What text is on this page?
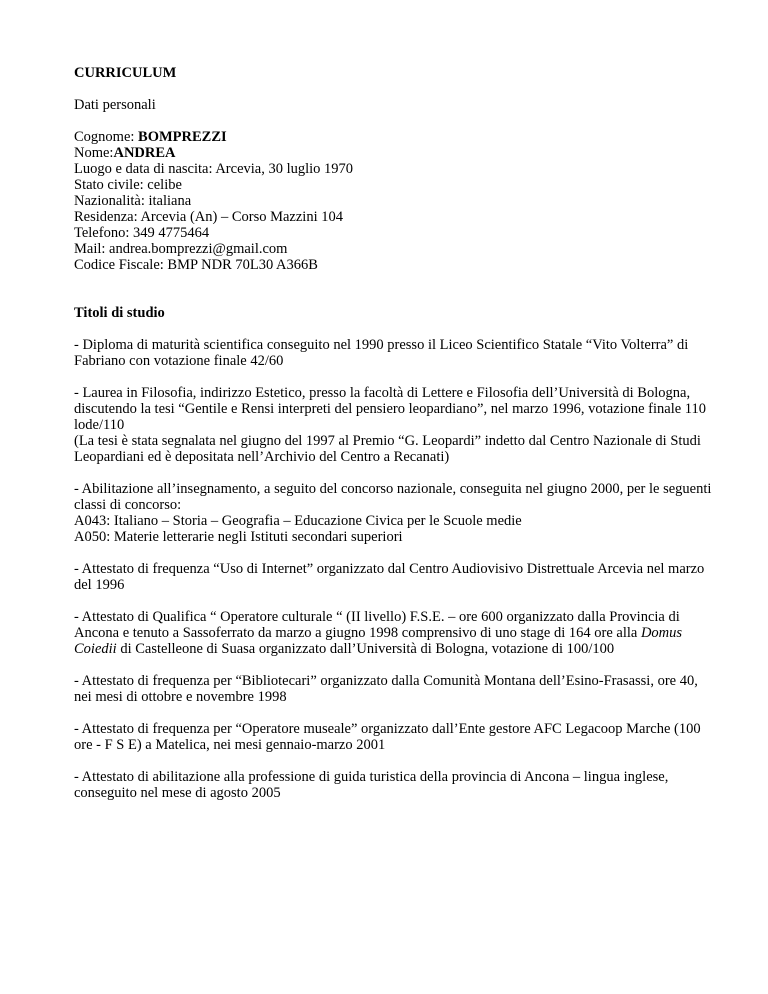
CURRICULUM

Dati personali

Cognome: BOMPREZZI

Nome:ANDREA

Luogo e data di nascita: Arcevia, 30 luglio 1970

Stato civile: celibe

Nazionalità: italiana

Residenza: Arcevia (An) – Corso Mazzini 104

Telefono: 349 4775464

Mail: andrea.bomprezzi@gmail.com

Codice Fiscale: BMP NDR 70L30 A366B

Titoli di studio

- Diploma di maturità scientifica conseguito nel 1990 presso il Liceo Scientifico Statale “Vito Volterra” di Fabriano con votazione finale 42/60

- Laurea in Filosofia, indirizzo Estetico, presso la facoltà di Lettere e Filosofia dell’Università di Bologna, discutendo la tesi “Gentile e Rensi interpreti del pensiero leopardiano”, nel marzo 1996, votazione finale 110 lode/110

(La tesi è stata segnalata nel giugno del 1997 al Premio “G. Leopardi” indetto dal Centro Nazionale di Studi Leopardiani ed è depositata nell’Archivio del Centro a Recanati)

- Abilitazione all’insegnamento, a seguito del concorso nazionale, conseguita nel giugno 2000, per le seguenti classi di concorso:

A043: Italiano – Storia – Geografia – Educazione Civica per le Scuole medie

A050: Materie letterarie negli Istituti secondari superiori

- Attestato di frequenza “Uso di Internet” organizzato dal Centro Audiovisivo Distrettuale Arcevia nel marzo del 1996

- Attestato di Qualifica “ Operatore culturale “ (II livello) F.S.E. – ore 600 organizzato dalla Provincia di Ancona e tenuto a Sassoferrato da marzo a giugno 1998 comprensivo di uno stage di 164 ore alla Domus Coiedii di Castelleone di Suasa organizzato dall’Università di Bologna, votazione di 100/100

- Attestato di frequenza per “Bibliotecari” organizzato dalla Comunità Montana dell’Esino-Frasassi, ore 40, nei mesi di ottobre e novembre 1998

- Attestato di frequenza per “Operatore museale” organizzato dall’Ente gestore AFC Legacoop Marche (100 ore - F S E) a Matelica, nei mesi gennaio-marzo 2001

- Attestato di abilitazione alla professione di guida turistica della provincia di Ancona – lingua inglese, conseguito nel mese di agosto 2005
